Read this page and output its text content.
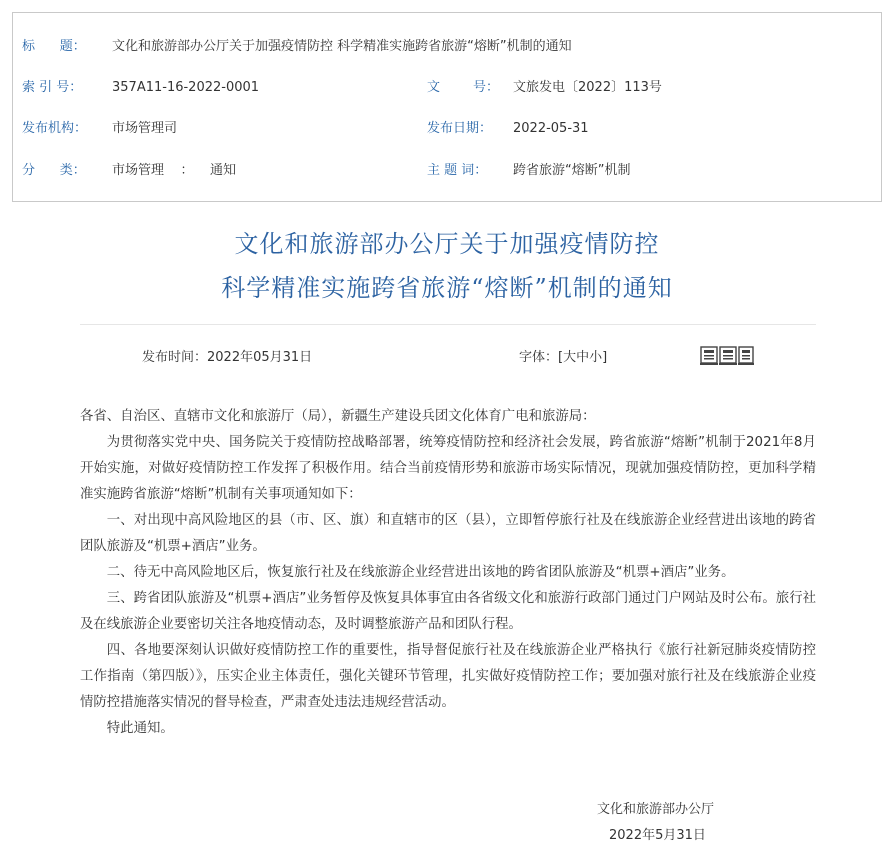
标      题： 文化和旅游部办公厅关于加强疫情防控 科学精准实施跨省旅游“熔断”机制的通知
索 引 号： 357A11-16-2022-0001	文        号： 文旅发电〔2022〕113号
发布机构： 市场管理司	发布日期： 2022-05-31
分      类： 市场管理    ：    通知	主 题 词： 跨省旅游“熔断”机制
文化和旅游部办公厅关于加强疫情防控
科学精准实施跨省旅游“熔断”机制的通知
发布时间：2022年05月31日	字体：[大中小]

各省、自治区、直辖市文化和旅游厅（局），新疆生产建设兵团文化体育广电和旅游局：

为贯彻落实党中央、国务院关于疫情防控战略部署，统筹疫情防控和经济社会发展，跨省旅游“熔断”机制于2021年8月开始实施，对做好疫情防控工作发挥了积极作用。结合当前疫情形势和旅游市场实际情况，现就加强疫情防控，更加科学精准实施跨省旅游“熔断”机制有关事项通知如下：

一、对出现中高风险地区的县（市、区、旗）和直辖市的区（县），立即暂停旅行社及在线旅游企业经营进出该地的跨省团队旅游及“机票+酒店”业务。

二、待无中高风险地区后，恢复旅行社及在线旅游企业经营进出该地的跨省团队旅游及“机票+酒店”业务。

三、跨省团队旅游及“机票+酒店”业务暂停及恢复具体事宜由各省级文化和旅游行政部门通过门户网站及时公布。旅行社及在线旅游企业要密切关注各地疫情动态，及时调整旅游产品和团队行程。

四、各地要深刻认识做好疫情防控工作的重要性，指导督促旅行社及在线旅游企业严格执行《旅行社新冠肺炎疫情防控工作指南（第四版）》，压实企业主体责任，强化关键环节管理，扎实做好疫情防控工作；要加强对旅行社及在线旅游企业疫情防控措施落实情况的督导检查，严肃查处违法违规经营活动。

特此通知。

文化和旅游部办公厅
2022年5月31日
